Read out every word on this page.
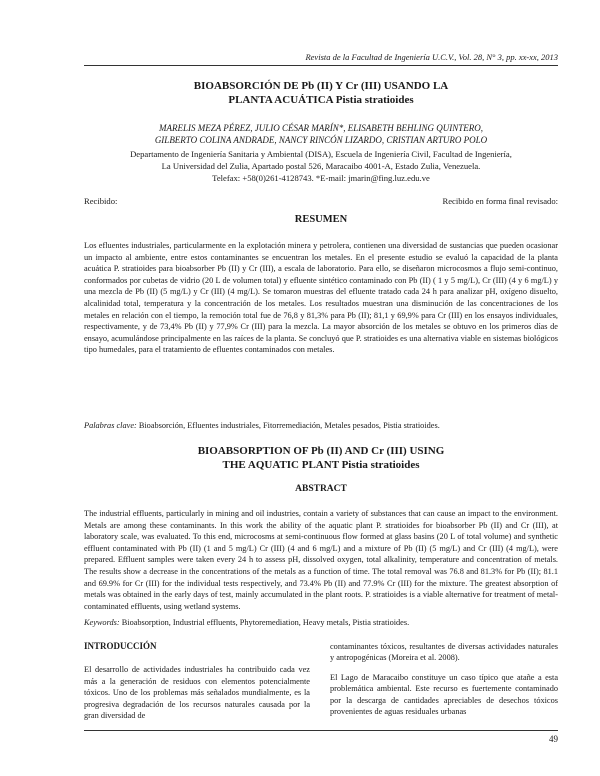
Revista de la Facultad de Ingeniería U.C.V., Vol. 28, N° 3, pp. xx-xx, 2013
BIOABSORCIÓN DE Pb (II) Y Cr (III) USANDO LA
PLANTA ACUÁTICA Pistia stratioides
MARELIS MEZA PÉREZ, JULIO CÉSAR MARÍN*, ELISABETH BEHLING QUINTERO,
GILBERTO COLINA ANDRADE, NANCY RINCÓN LIZARDO, CRISTIAN ARTURO POLO
Departamento de Ingeniería Sanitaria y Ambiental (DISA), Escuela de Ingeniería Civil, Facultad de Ingeniería,
La Universidad del Zulia, Apartado postal 526, Maracaibo 4001-A, Estado Zulia, Venezuela.
Telefax: +58(0)261-4128743. *E-mail: jmarin@fing.luz.edu.ve
Recibido:	Recibido en forma final revisado:
RESUMEN
Los efluentes industriales, particularmente en la explotación minera y petrolera, contienen una diversidad de sustancias que pueden ocasionar un impacto al ambiente, entre estos contaminantes se encuentran los metales. En el presente estudio se evaluó la capacidad de la planta acuática P. stratioides para bioabsorber Pb (II) y Cr (III), a escala de laboratorio. Para ello, se diseñaron microcosmos a flujo semi-continuo, conformados por cubetas de vidrio (20 L de volumen total) y efluente sintético contaminado con Pb (II) ( 1 y 5 mg/L), Cr (III) (4 y 6 mg/L) y una mezcla de Pb (II) (5 mg/L) y Cr (III) (4 mg/L). Se tomaron muestras del efluente tratado cada 24 h para analizar pH, oxígeno disuelto, alcalinidad total, temperatura y la concentración de los metales. Los resultados muestran una disminución de las concentraciones de los metales en relación con el tiempo, la remoción total fue de 76,8 y 81,3% para Pb (II); 81,1 y 69,9% para Cr (III) en los ensayos individuales, respectivamente, y de 73,4% Pb (II) y 77,9% Cr (III) para la mezcla. La mayor absorción de los metales se obtuvo en los primeros días de ensayo, acumulándose principalmente en las raíces de la planta. Se concluyó que P. stratioides es una alternativa viable en sistemas biológicos tipo humedales, para el tratamiento de efluentes contaminados con metales.
Palabras clave: Bioabsorción, Efluentes industriales, Fitorremediación, Metales pesados, Pistia stratioides.
BIOABSORPTION OF Pb (II) AND Cr (III) USING
THE AQUATIC PLANT Pistia stratioides
ABSTRACT
The industrial effluents, particularly in mining and oil industries, contain a variety of substances that can cause an impact to the environment. Metals are among these contaminants. In this work the ability of the aquatic plant P. stratioides for bioabsorber Pb (II) and Cr (III), at laboratory scale, was evaluated. To this end, microcosms at semi-continuous flow formed at glass basins (20 L of total volume) and synthetic effluent contaminated with Pb (II) (1 and 5 mg/L) Cr (III) (4 and 6 mg/L) and a mixture of Pb (II) (5 mg/L) and Cr (III) (4 mg/L), were prepared. Effluent samples were taken every 24 h to assess pH, dissolved oxygen, total alkalinity, temperature and concentration of metals. The results show a decrease in the concentrations of the metals as a function of time. The total removal was 76.8 and 81.3% for Pb (II); 81.1 and 69.9% for Cr (III) for the individual tests respectively, and 73.4% Pb (II) and 77.9% Cr (III) for the mixture. The greatest absorption of metals was obtained in the early days of test, mainly accumulated in the plant roots. P. stratioides is a viable alternative for treatment of metal-contaminated effluents, using wetland systems.
Keywords: Bioabsorption, Industrial effluents, Phytoremediation, Heavy metals, Pistia stratioides.
INTRODUCCIÓN
El desarrollo de actividades industriales ha contribuido cada vez más a la generación de residuos con elementos potencialmente tóxicos. Uno de los problemas más señalados mundialmente, es la progresiva degradación de los recursos naturales causada por la gran diversidad de
contaminantes tóxicos, resultantes de diversas actividades naturales y antropogénicas (Moreira et al. 2008).
El Lago de Maracaibo constituye un caso típico que atañe a esta problemática ambiental. Este recurso es fuertemente contaminado por la descarga de cantidades apreciables de desechos tóxicos provenientes de aguas residuales urbanas
49
